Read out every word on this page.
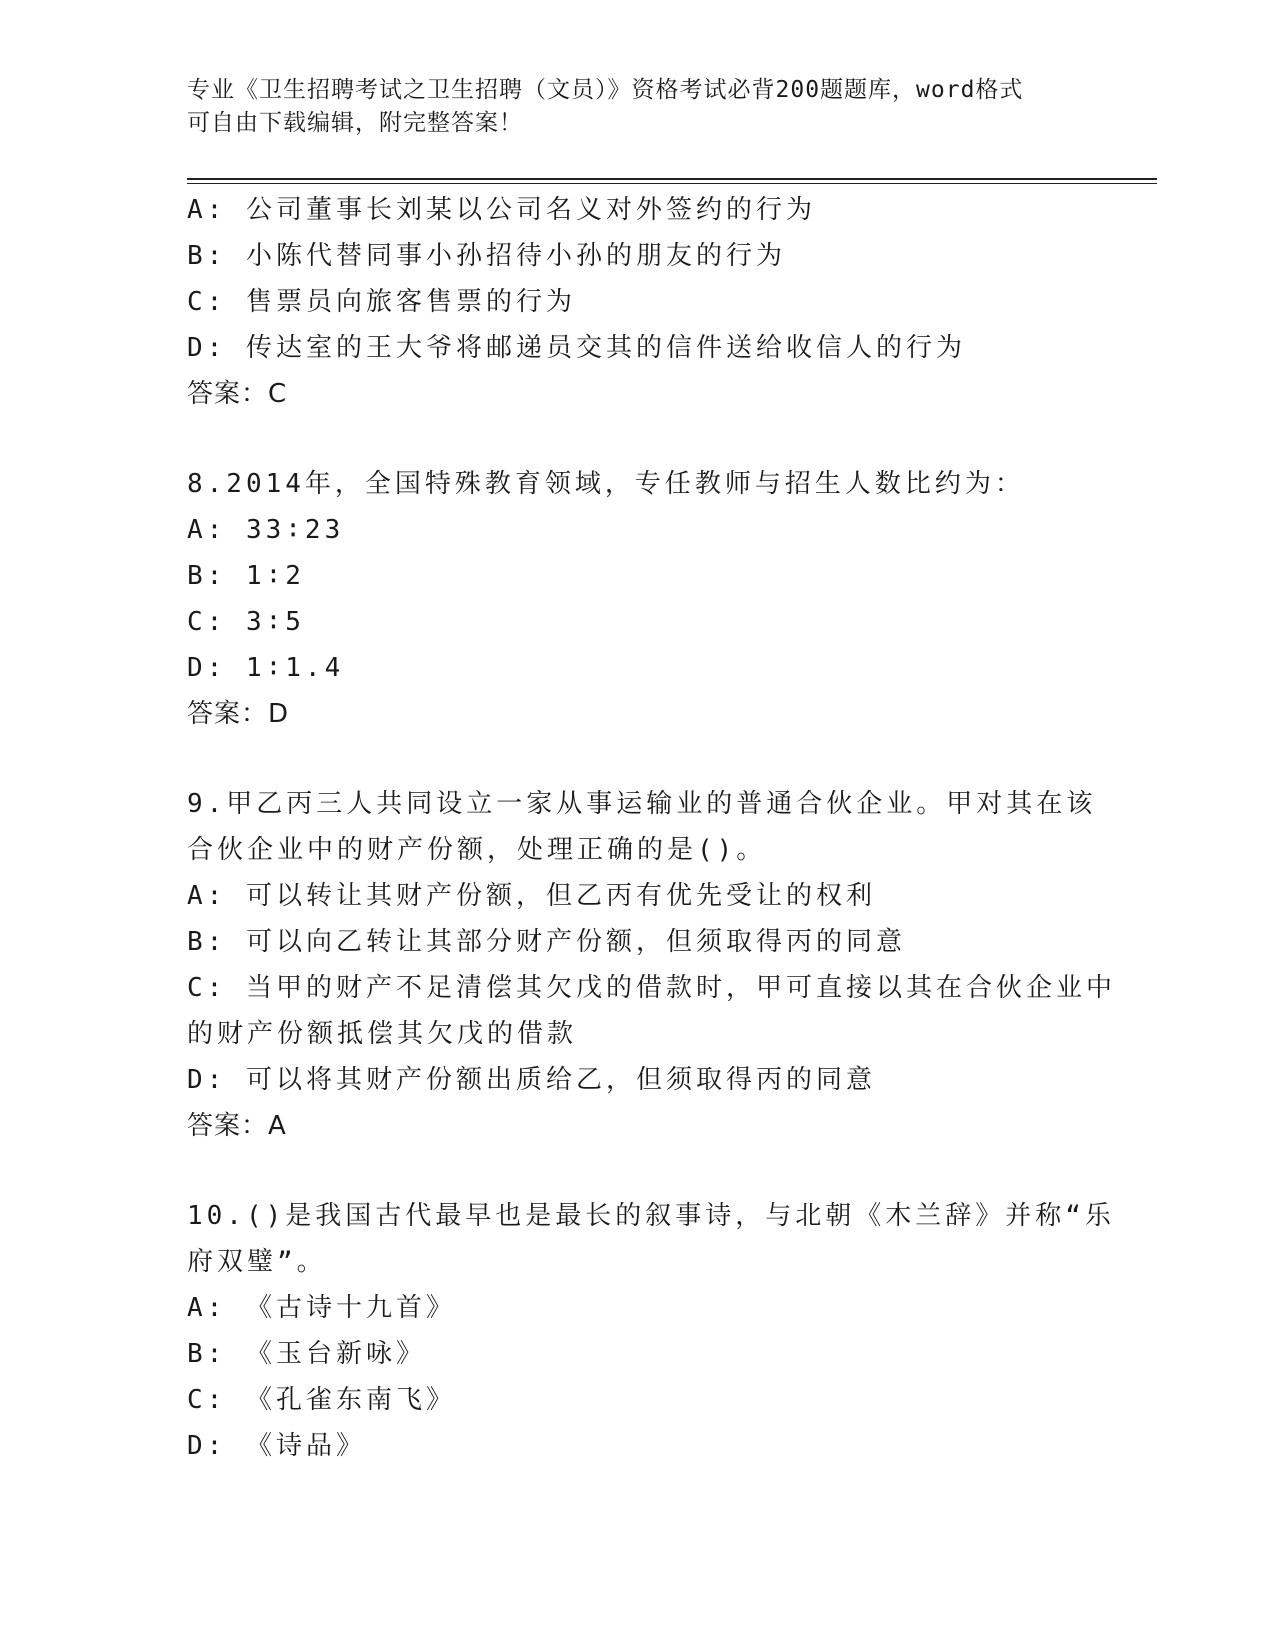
专业《卫生招聘考试之卫生招聘（文员）》资格考试必背200题题库，word格式
可自由下载编辑，附完整答案！
A: 公司董事长刘某以公司名义对外签约的行为
B: 小陈代替同事小孙招待小孙的朋友的行为
C: 售票员向旅客售票的行为
D: 传达室的王大爷将邮递员交其的信件送给收信人的行为
答案：C
8.2014年，全国特殊教育领域，专任教师与招生人数比约为：
A: 33∶23
B: 1∶2
C: 3∶5
D: 1∶1.4
答案：D
9.甲乙丙三人共同设立一家从事运输业的普通合伙企业。甲对其在该
合伙企业中的财产份额，处理正确的是()。
A: 可以转让其财产份额，但乙丙有优先受让的权利
B: 可以向乙转让其部分财产份额，但须取得丙的同意
C: 当甲的财产不足清偿其欠戊的借款时，甲可直接以其在合伙企业中
的财产份额抵偿其欠戊的借款
D: 可以将其财产份额出质给乙，但须取得丙的同意
答案：A
10.()是我国古代最早也是最长的叙事诗，与北朝《木兰辞》并称“乐
府双璧”。
A: 《古诗十九首》
B: 《玉台新咏》
C: 《孔雀东南飞》
D: 《诗品》
